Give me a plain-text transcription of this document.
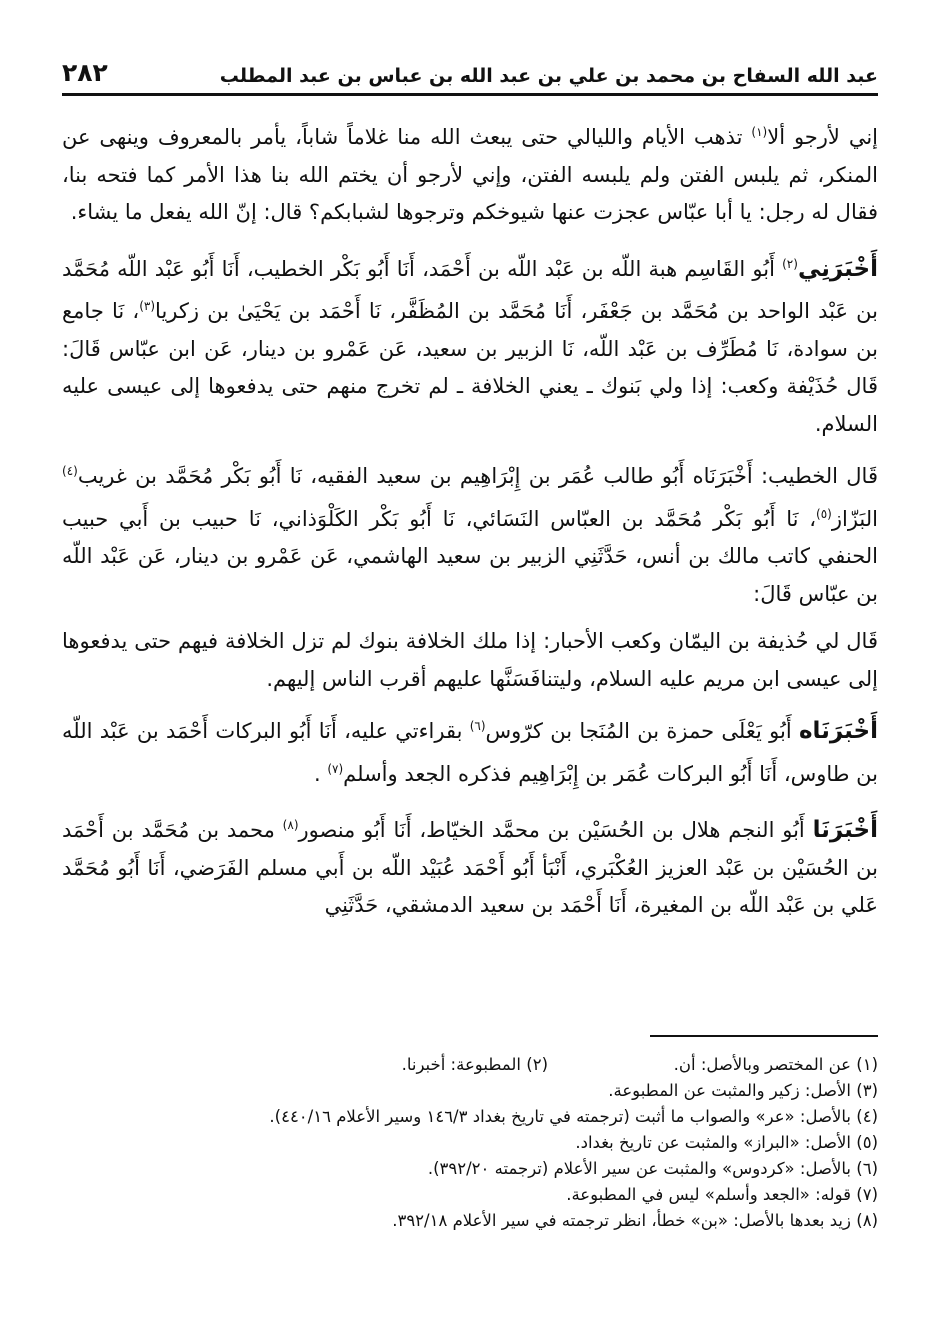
عبد الله السفاح بن محمد بن علي بن عبد الله بن عباس بن عبد المطلب
٢٨٢

إني لأرجو ألا$^{(١)}$ تذهب الأيام والليالي حتى يبعث الله منا غلاماً شاباً، يأمر بالمعروف وينهى عن المنكر، ثم يلبس الفتن ولم يلبسه الفتن، وإني لأرجو أن يختم الله بنا هذا الأمر كما فتحه بنا، فقال له رجل: يا أبا عبّاس عجزت عنها شيوخكم وترجوها لشبابكم؟ قال: إنّ الله يفعل ما يشاء.

أَخْبَرَنِي$^{(٢)}$ أَبُو القَاسِم هبة اللّه بن عَبْد اللّه بن أَحْمَد، أَنَا أَبُو بَكْر الخطيب، أَنَا أَبُو عَبْد اللّه مُحَمَّد بن عَبْد الواحد بن مُحَمَّد بن جَعْفَر، أَنَا مُحَمَّد بن المُظَفَّر، نَا أَحْمَد بن يَحْيَىٰ بن زكريا$^{(٣)}$، نَا جامع بن سوادة، نَا مُطَرِّف بن عَبْد اللّه، نَا الزبير بن سعيد، عَن عَمْرو بن دينار، عَن ابن عبّاس قَالَ: قَال حُذَيْفة وكعب: إذا ولي بَنوك ـ يعني الخلافة ـ لم تخرج منهم حتى يدفعوها إلى عيسى عليه السلام.

قَال الخطيب: أَخْبَرَنَاه أَبُو طالب عُمَر بن إِبْرَاهِيم بن سعيد الفقيه، نَا أَبُو بَكْر مُحَمَّد بن غريب$^{(٤)}$ البَزّاز$^{(٥)}$، نَا أَبُو بَكْر مُحَمَّد بن العبّاس النَسَائي، نَا أَبُو بَكْر الكَلْوَذاني، نَا حبيب بن أَبي حبيب الحنفي كاتب مالك بن أنس، حَدَّثَنِي الزبير بن سعيد الهاشمي، عَن عَمْرو بن دينار، عَن عَبْد اللّه بن عبّاس قَالَ:

قَال لي حُذيفة بن اليمّان وكعب الأحبار: إذا ملك الخلافة بنوك لم تزل الخلافة فيهم حتى يدفعوها إلى عيسى ابن مريم عليه السلام، وليتنافَسَنَّها عليهم أقرب الناس إليهم.

أَخْبَرَنَاه أَبُو يَعْلَى حمزة بن المُنَجا بن كرّوس$^{(٦)}$ بقراءتي عليه، أَنَا أَبُو البركات أَحْمَد بن عَبْد اللّه بن طاوس، أَنَا أَبُو البركات عُمَر بن إِبْرَاهِيم فذكره الجعد وأسلم$^{(٧)}$ .

أَخْبَرَنَا أَبُو النجم هلال بن الحُسَيْن بن محمَّد الخيّاط، أَنَا أَبُو منصور$^{(٨)}$ محمد بن مُحَمَّد بن أَحْمَد بن الحُسَيْن بن عَبْد العزيز العُكْبَري، أَنْبَأ أَبُو أَحْمَد عُبَيْد اللّه بن أَبي مسلم الفَرَضي، أَنَا أَبُو مُحَمَّد عَلي بن عَبْد اللّه بن المغيرة، أَنَا أَحْمَد بن سعيد الدمشقي، حَدَّثَنِي

(١) عن المختصر وبالأصل: أن.
(٢) المطبوعة: أخبرنا.
(٣) الأصل: زكير والمثبت عن المطبوعة.
(٤) بالأصل: «عر» والصواب ما أثبت (ترجمته في تاريخ بغداد ١٤٦/٣ وسير الأعلام ٤٤٠/١٦).
(٥) الأصل: «البراز» والمثبت عن تاريخ بغداد.
(٦) بالأصل: «كردوس» والمثبت عن سير الأعلام (ترجمته ٣٩٢/٢٠).
(٧) قوله: «الجعد وأسلم» ليس في المطبوعة.
(٨) زيد بعدها بالأصل: «بن» خطأ، انظر ترجمته في سير الأعلام ٣٩٢/١٨.
